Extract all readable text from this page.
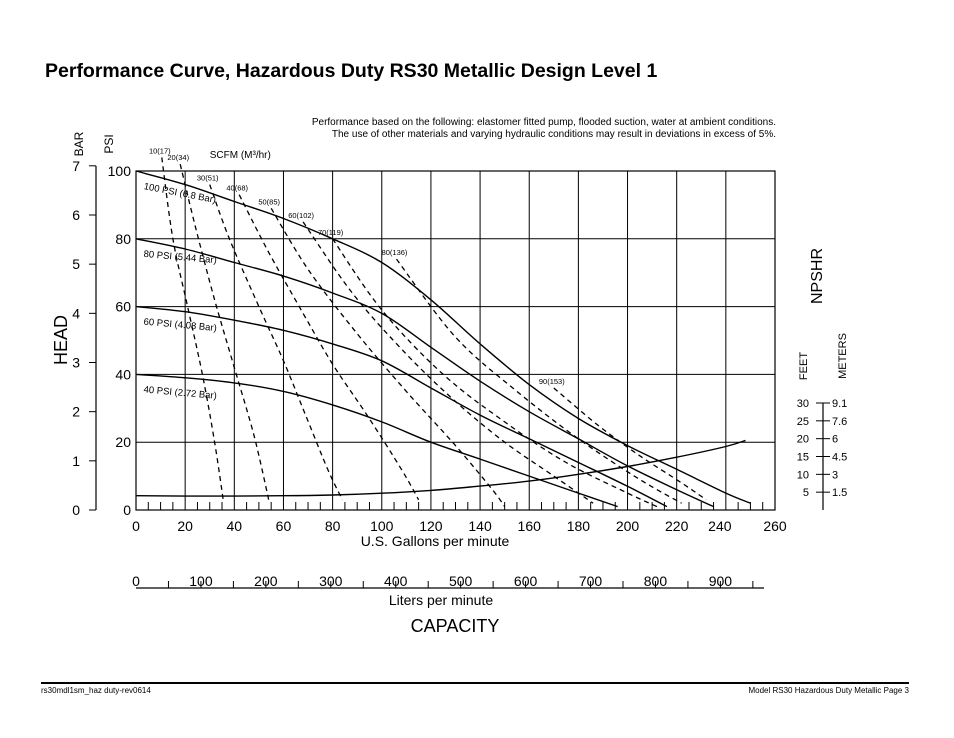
Performance Curve, Hazardous Duty RS30 Metallic Design Level 1
Performance based on the following: elastomer fitted pump, flooded suction, water at ambient conditions.
The use of other materials and varying hydraulic conditions may result in deviations in excess of 5%.
0	20 40 60 80 100 120 140 160 180 200 220 240 260
U.S. Gallons per minute
0	100	200	300	400	500	600	700	800	900
Liters per minute
CAPACITY
0
20
40
60
80
100
PSI
0
1
2
3
4
5
6
7
BAR
HEAD
30 9.1
25 7.6
20 6
15 4.5
10 3
5 1.5
NPSHR
FEET METERS
10(17)
20(34)
30(51)
40(68)
50(85)
60(102)
70(119)
80(136)
90(153)
SCFM (M³/hr)
100 PSI (6.8 Bar)
80 PSI (5.44 Bar)
60 PSI (4.08 Bar)
40 PSI (2.72 Bar)
rs30mdl1sm_haz duty-rev0614	Model RS30 Hazardous Duty Metallic Page 3
